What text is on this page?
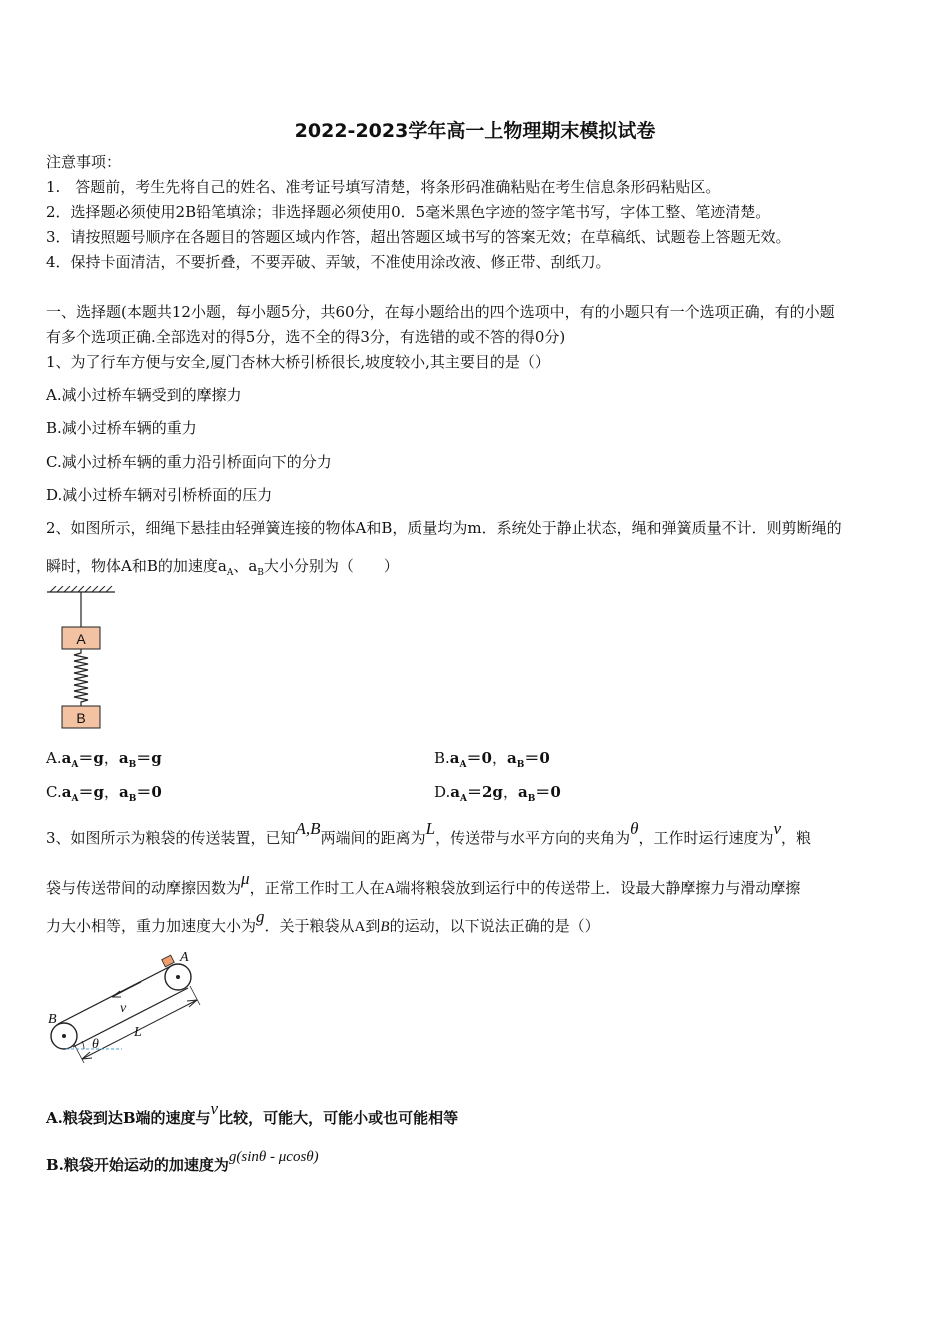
2022-2023学年高一上物理期末模拟试卷
注意事项：
1.　答题前，考生先将自己的姓名、准考证号填写清楚，将条形码准确粘贴在考生信息条形码粘贴区。
2．选择题必须使用2B铅笔填涂；非选择题必须使用0．5毫米黑色字迹的签字笔书写，字体工整、笔迹清楚。
3．请按照题号顺序在各题目的答题区域内作答，超出答题区域书写的答案无效；在草稿纸、试题卷上答题无效。
4．保持卡面清洁，不要折叠，不要弄破、弄皱，不准使用涂改液、修正带、刮纸刀。
一、选择题(本题共12小题，每小题5分，共60分，在每小题给出的四个选项中，有的小题只有一个选项正确，有的小题
有多个选项正确.全部选对的得5分，选不全的得3分，有选错的或不答的得0分)
1、为了行车方便与安全,厦门杏林大桥引桥很长,坡度较小,其主要目的是（）
A.减小过桥车辆受到的摩擦力
B.减小过桥车辆的重力
C.减小过桥车辆的重力沿引桥面向下的分力
D.减小过桥车辆对引桥桥面的压力
2、如图所示，细绳下悬挂由轻弹簧连接的物体A和B，质量均为m．系统处于静止状态，绳和弹簧质量不计．则剪断绳的
瞬时，物体A和B的加速度$a_A$、$a_B$大小分别为（　　）
A
B
$A.a_A=g$，$a_B=g$	$B.a_A=0$，$a_B=0$
$C.a_A=g$，$a_B=0$	$D.a_A=2g$，$a_B=0$
3、如图所示为粮袋的传送装置，已知A,B两端间的距离为L，传送带与水平方向的夹角为θ，工作时运行速度为v，粮
袋与传送带间的动摩擦因数为μ，正常工作时工人在A端将粮袋放到运行中的传送带上．设最大静摩擦力与滑动摩擦
力大小相等，重力加速度大小为g．关于粮袋从A到B的运动，以下说法正确的是（）
A
B
v
L
θ
A.粮袋到达B端的速度与v比较，可能大，可能小或也可能相等
B.粮袋开始运动的加速度为g(sinθ - μcosθ)
